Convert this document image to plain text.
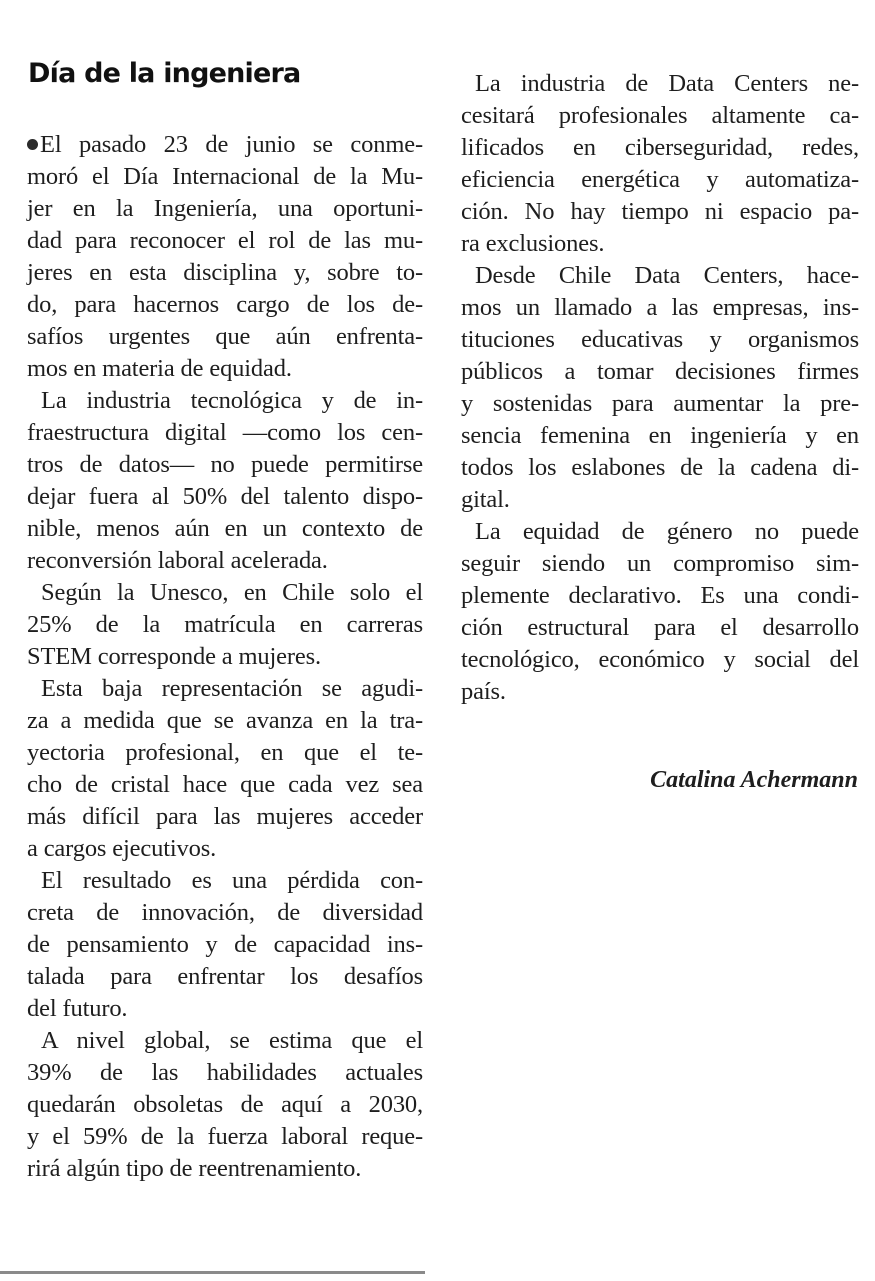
Día de la ingeniera
El pasado 23 de junio se conme-
moró el Día Internacional de la Mu-
jer en la Ingeniería, una oportuni-
dad para reconocer el rol de las mu-
jeres en esta disciplina y, sobre to-
do, para hacernos cargo de los de-
safíos urgentes que aún enfrenta-
mos en materia de equidad.
La industria tecnológica y de in-
fraestructura digital —como los cen-
tros de datos— no puede permitirse
dejar fuera al 50% del talento dispo-
nible, menos aún en un contexto de
reconversión laboral acelerada.
Según la Unesco, en Chile solo el
25% de la matrícula en carreras
STEM corresponde a mujeres.
Esta baja representación se agudi-
za a medida que se avanza en la tra-
yectoria profesional, en que el te-
cho de cristal hace que cada vez sea
más difícil para las mujeres acceder
a cargos ejecutivos.
El resultado es una pérdida con-
creta de innovación, de diversidad
de pensamiento y de capacidad ins-
talada para enfrentar los desafíos
del futuro.
A nivel global, se estima que el
39% de las habilidades actuales
quedarán obsoletas de aquí a 2030,
y el 59% de la fuerza laboral reque-
rirá algún tipo de reentrenamiento.
La industria de Data Centers ne-
cesitará profesionales altamente ca-
lificados en ciberseguridad, redes,
eficiencia energética y automatiza-
ción. No hay tiempo ni espacio pa-
ra exclusiones.
Desde Chile Data Centers, hace-
mos un llamado a las empresas, ins-
tituciones educativas y organismos
públicos a tomar decisiones firmes
y sostenidas para aumentar la pre-
sencia femenina en ingeniería y en
todos los eslabones de la cadena di-
gital.
La equidad de género no puede
seguir siendo un compromiso sim-
plemente declarativo. Es una condi-
ción estructural para el desarrollo
tecnológico, económico y social del
país.
Catalina Achermann
